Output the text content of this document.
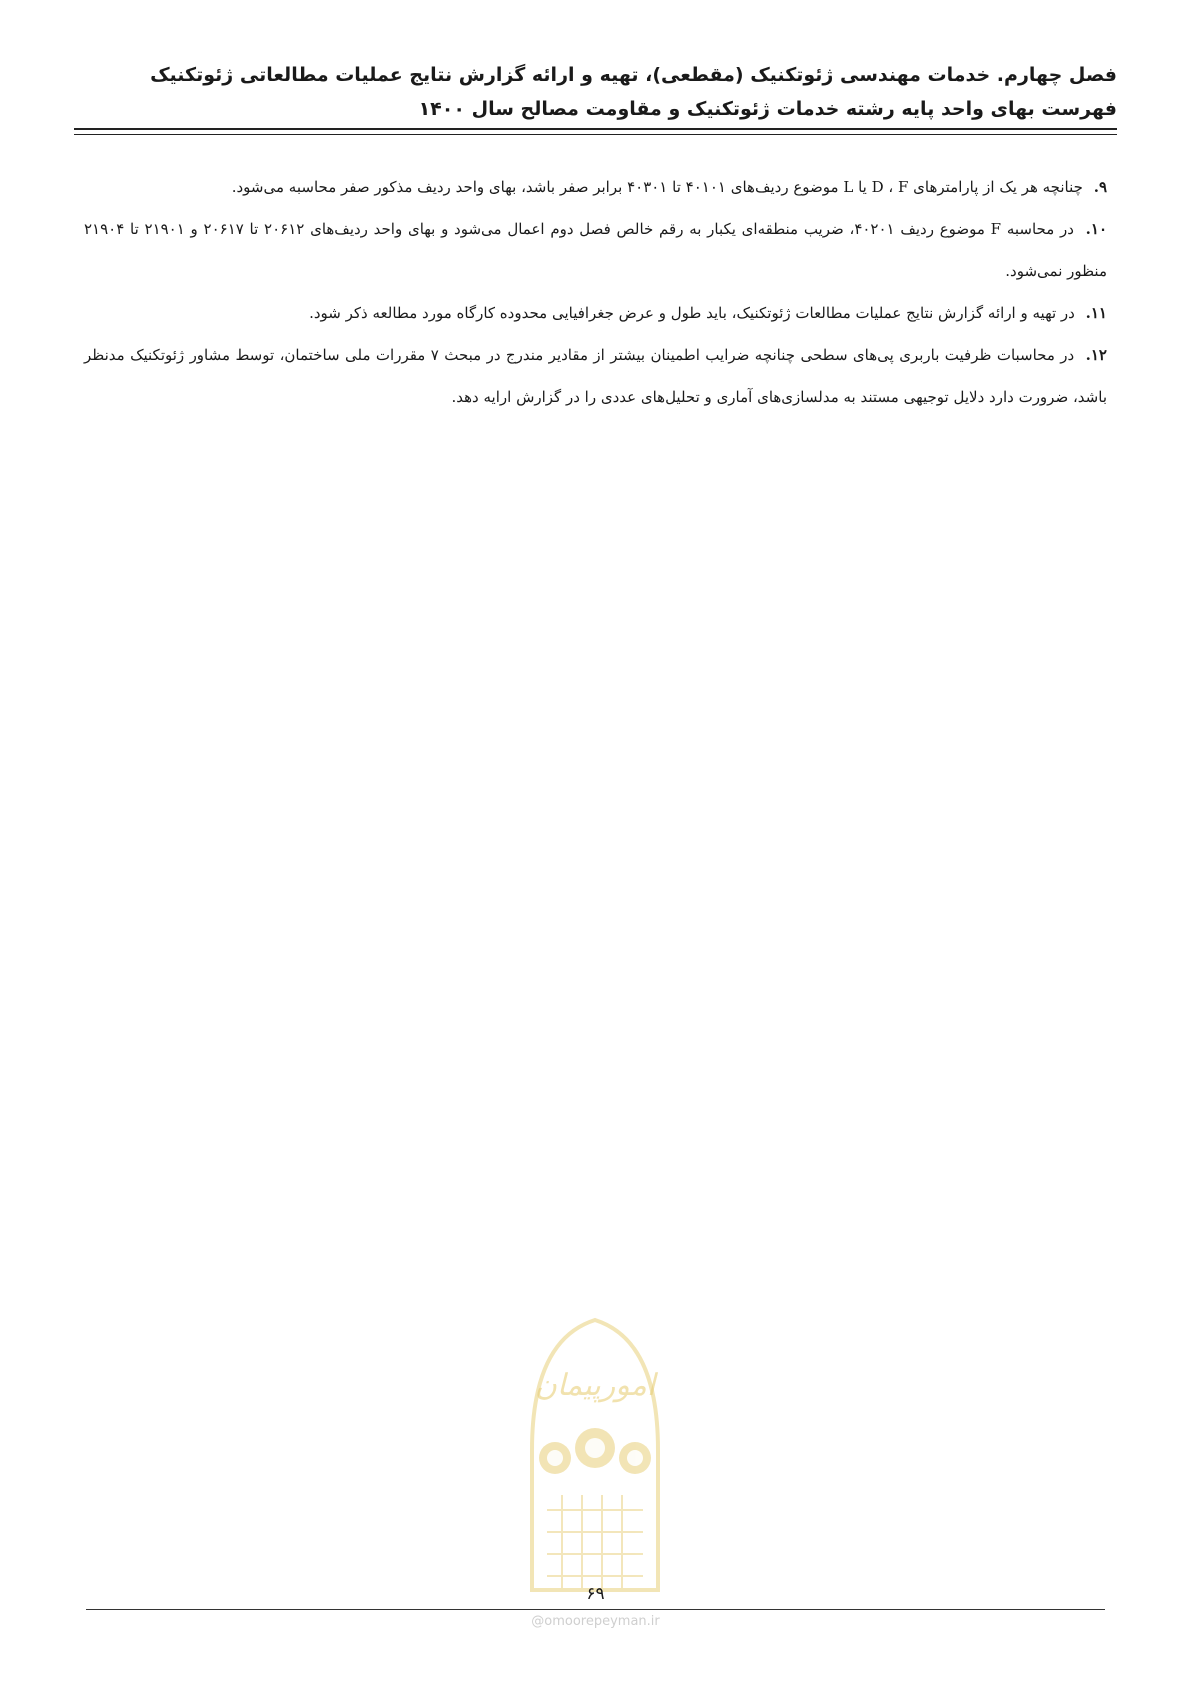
فصل چهارم. خدمات مهندسی ژئوتکنیک (مقطعی)، تهیه و ارائه گزارش نتایج عملیات مطالعاتی ژئوتکنیک
فهرست بهای واحد پایه رشته خدمات ژئوتکنیک و مقاومت مصالح سال ۱۴۰۰

۹. چنانچه هر یک از پارامترهای D ، F یا L موضوع ردیف‌های ۴۰۱۰۱ تا ۴۰۳۰۱ برابر صفر باشد، بهای واحد ردیف مذکور صفر محاسبه می‌شود.

۱۰. در محاسبه F موضوع ردیف ۴۰۲۰۱، ضریب منطقه‌ای یکبار به رقم خالص فصل دوم اعمال می‌شود و بهای واحد ردیف‌های ۲۰۶۱۲ تا ۲۰۶۱۷ و ۲۱۹۰۱ تا ۲۱۹۰۴ منظور نمی‌شود.

۱۱. در تهیه و ارائه گزارش نتایج عملیات مطالعات ژئوتکنیک، باید طول و عرض جغرافیایی محدوده کارگاه مورد مطالعه ذکر شود.

۱۲. در محاسبات ظرفیت باربری پی‌های سطحی چنانچه ضرایب اطمینان بیشتر از مقادیر مندرج در مبحث ۷ مقررات ملی ساختمان، توسط مشاور ژئوتکنیک مدنظر باشد، ضرورت دارد دلایل توجیهی مستند به مدلسازی‌های آماری و تحلیل‌های عددی را در گزارش ارایه دهد.

امورپیمان
۶۹
@omoorepeyman.ir
